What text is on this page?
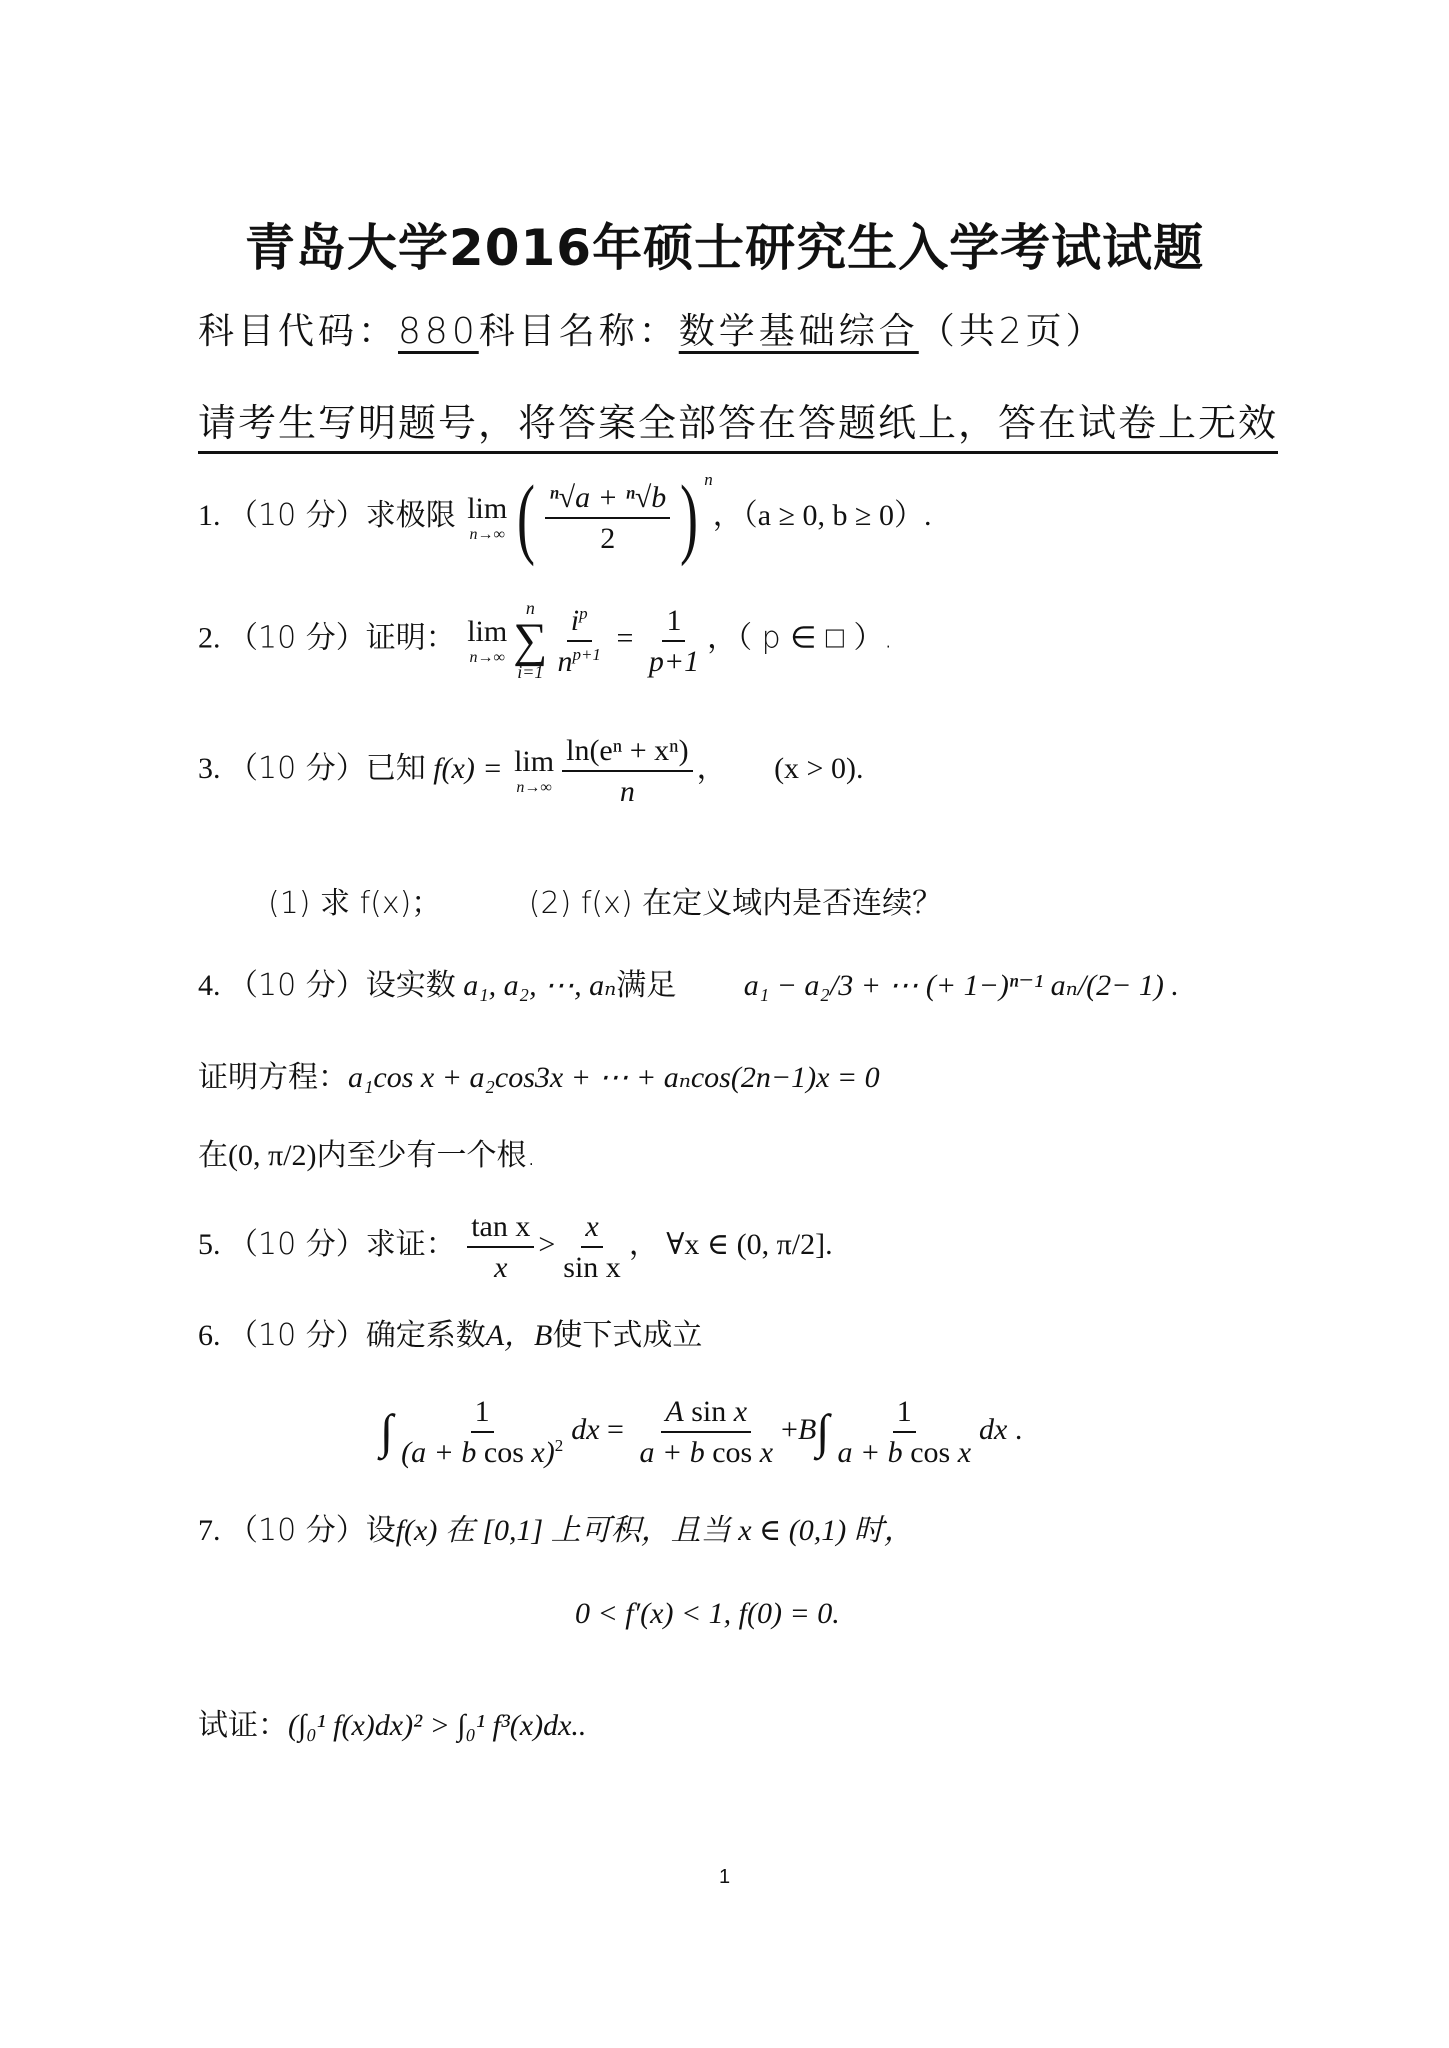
青岛大学2016年硕士研究生入学考试试题
科目代码：880科目名称：数学基础综合（共2页）
请考生写明题号，将答案全部答在答题纸上，答在试卷上无效
1. （10 分）求极限 lim
n→∞ ( $\frac{\text{ⁿ√a + ⁿ√b}}{2}$ ) $^n$，（a ≥ 0, b ≥ 0）.
2. （10 分）证明： lim
n→∞
n
∑
$i=1 \frac{i^p}{n^{p+1}} = \frac{1}{p+1}$ ，（ p ∈ □ ）.
3. （10 分）已知 f(x) = lim
$n\to\infty \frac{\text{ln(eⁿ + xⁿ)}}{n}$ ， (x > 0).
(1) 求 f(x)；	(2) f(x) 在定义域内是否连续？
4. （10 分）设实数 a₁, a₂, ⋯, aₙ满足 a₁ − a₂/3 + ⋯ (+ 1−)ⁿ⁻¹ aₙ/(2− 1) .
证明方程：a₁cos x + a₂cos3x + ⋯ + aₙcos(2n−1)x = 0
在(0, π/2)内至少有一个根.
5. （10 分）求证： $\frac{\text{tan x}}{x} > \frac{x}{\text{sin x}}$ ， ∀x ∈ (0, π/2].
6. （10 分）确定系数A，B使下式成立
∫ $\frac{1}{(a + b \cos x)^2}$ dx = $\frac{\text{A sin x}}{\text{a + b cos x}} +B\int \frac{1}{\text{a + b cos x}}$ dx .
7. （10 分）设f(x) 在 [0,1] 上可积，且当 x ∈ (0,1) 时，
0 < f′(x) < 1, f(0) = 0.
试证：(∫₀¹ f(x)dx)² > ∫₀¹ f³(x)dx..
1
